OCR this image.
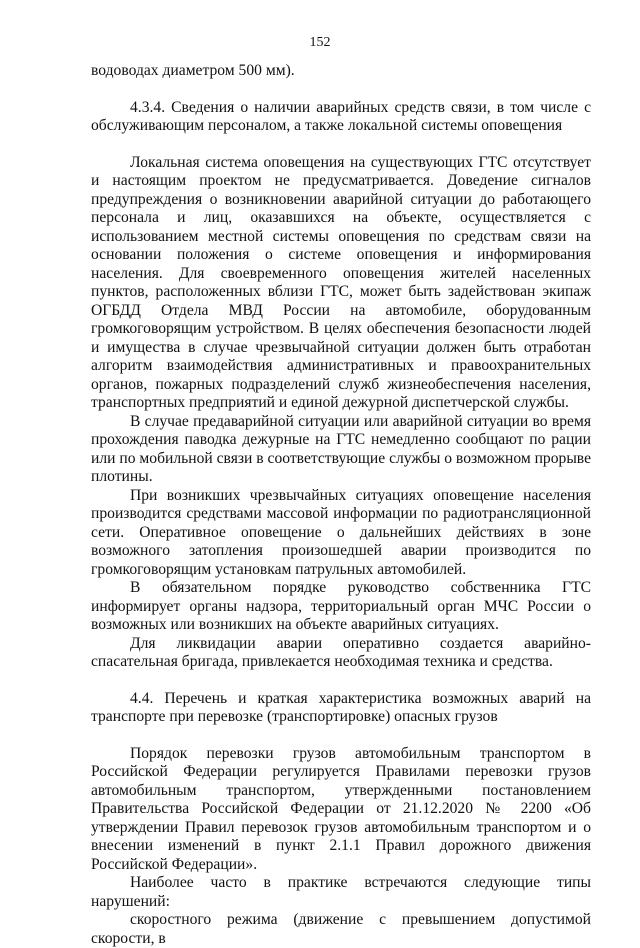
152

водоводах диаметром 500 мм).

4.3.4. Сведения о наличии аварийных средств связи, в том числе с обслуживающим персоналом, а также локальной системы оповещения

Локальная система оповещения на существующих ГТС отсутствует и настоящим проектом не предусматривается. Доведение сигналов предупреждения о возникновении аварийной ситуации до работающего персонала и лиц, оказавшихся на объекте, осуществляется с использованием местной системы оповещения по средствам связи на основании положения о системе оповещения и информирования населения. Для своевременного оповещения жителей населенных пунктов, расположенных вблизи ГТС, может быть задействован экипаж ОГБДД Отдела МВД России на автомобиле, оборудованным громкоговорящим устройством. В целях обеспечения безопасности людей и имущества в случае чрезвычайной ситуации должен быть отработан алгоритм взаимодействия административных и правоохранительных органов, пожарных подразделений служб жизнеобеспечения населения, транспортных предприятий и единой дежурной диспетчерской службы.

В случае предаварийной ситуации или аварийной ситуации во время прохождения паводка дежурные на ГТС немедленно сообщают по рации или по мобильной связи в соответствующие службы о возможном прорыве плотины.

При возникших чрезвычайных ситуациях оповещение населения производится средствами массовой информации по радиотрансляционной сети. Оперативное оповещение о дальнейших действиях в зоне возможного затопления произошедшей аварии производится по громкоговорящим установкам патрульных автомобилей.

В обязательном порядке руководство собственника ГТС информирует органы надзора, территориальный орган МЧС России о возможных или возникших на объекте аварийных ситуациях.

Для ликвидации аварии оперативно создается аварийно-спасательная бригада, привлекается необходимая техника и средства.

4.4. Перечень и краткая характеристика возможных аварий на транспорте при перевозке (транспортировке) опасных грузов

Порядок перевозки грузов автомобильным транспортом в Российской Федерации регулируется Правилами перевозки грузов автомобильным транспортом, утвержденными постановлением Правительства Российской Федерации от 21.12.2020 № 2200 «Об утверждении Правил перевозок грузов автомобильным транспортом и о внесении изменений в пункт 2.1.1 Правил дорожного движения Российской Федерации».

Наиболее часто в практике встречаются следующие типы нарушений:

скоростного режима (движение с превышением допустимой скорости, в
